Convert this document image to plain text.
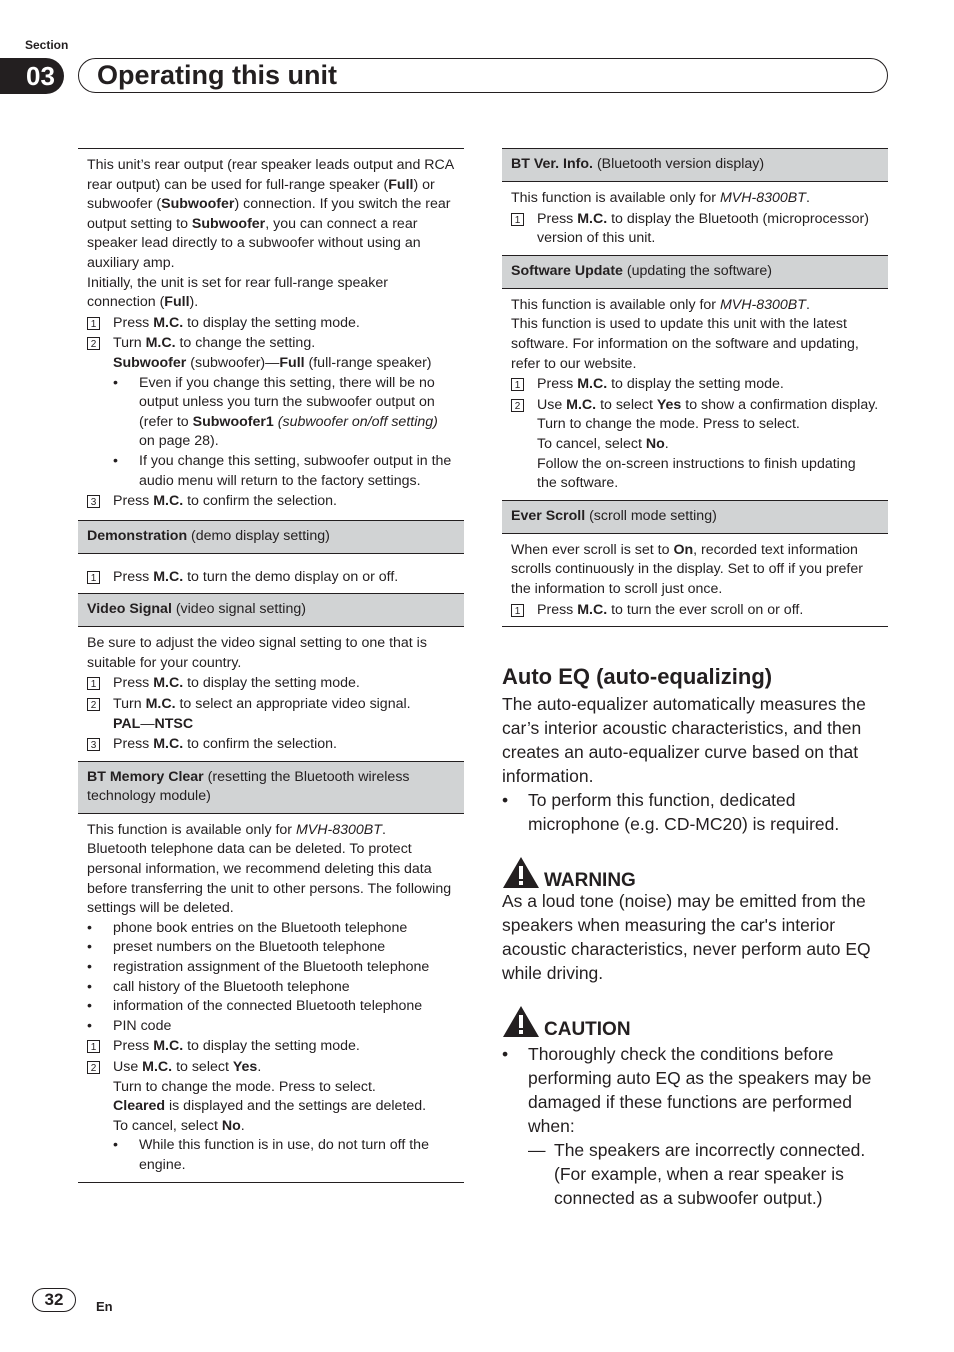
Section
03	Operating this unit

This unit’s rear output (rear speaker leads output and RCA rear output) can be used for full-range speaker (Full) or subwoofer (Subwoofer) connection. If you switch the rear output setting to Subwoofer, you can connect a rear speaker lead directly to a subwoofer without using an auxiliary amp.

Initially, the unit is set for rear full-range speaker connection (Full).

1 Press M.C. to display the setting mode.
2 Turn M.C. to change the setting.

Subwoofer (subwoofer)—Full (full-range speaker)

•
Even if you change this setting, there will be no output unless you turn the subwoofer output on (refer to Subwoofer1 (subwoofer on/off setting) on page 28).
•
If you change this setting, subwoofer output in the audio menu will return to the factory settings.
3 Press M.C. to confirm the selection.
Demonstration (demo display setting)
1 Press M.C. to turn the demo display on or off.
Video Signal (video signal setting)

Be sure to adjust the video signal setting to one that is suitable for your country.

1 Press M.C. to display the setting mode.
2 Turn M.C. to select an appropriate video signal.

PAL—NTSC

3 Press M.C. to confirm the selection.
BT Memory Clear (resetting the Bluetooth wireless technology module)

This function is available only for MVH-8300BT.

Bluetooth telephone data can be deleted. To protect personal information, we recommend deleting this data before transferring the unit to other persons. The following settings will be deleted.

•
phone book entries on the Bluetooth telephone
•
preset numbers on the Bluetooth telephone
•
registration assignment of the Bluetooth telephone
•
call history of the Bluetooth telephone
•
information of the connected Bluetooth telephone
•
PIN code
1 Press M.C. to display the setting mode.
2 Use M.C. to select Yes.

Turn to change the mode. Press to select.

Cleared is displayed and the settings are deleted.

To cancel, select No.

•
While this function is in use, do not turn off the engine.
BT Ver. Info. (Bluetooth version display)

This function is available only for MVH-8300BT.

1 Press M.C. to display the Bluetooth (microprocessor) version of this unit.
Software Update (updating the software)

This function is available only for MVH-8300BT.

This function is used to update this unit with the latest software. For information on the software and updating, refer to our website.

1 Press M.C. to display the setting mode.
2 Use M.C. to select Yes to show a confirmation display.

Turn to change the mode. Press to select.

To cancel, select No.

Follow the on-screen instructions to finish updating the software.

Ever Scroll (scroll mode setting)

When ever scroll is set to On, recorded text information scrolls continuously in the display. Set to off if you prefer the information to scroll just once.

1 Press M.C. to turn the ever scroll on or off.
Auto EQ (auto-equalizing)

The auto-equalizer automatically measures the car’s interior acoustic characteristics, and then creates an auto-equalizer curve based on that information.

•
To perform this function, dedicated microphone (e.g. CD-MC20) is required.
WARNING

As a loud tone (noise) may be emitted from the speakers when measuring the car's interior acoustic characteristics, never perform auto EQ while driving.

CAUTION
•
Thoroughly check the conditions before performing auto EQ as the speakers may be damaged if these functions are performed when:
— The speakers are incorrectly connected. (For example, when a rear speaker is connected as a subwoofer output.)
32	En
